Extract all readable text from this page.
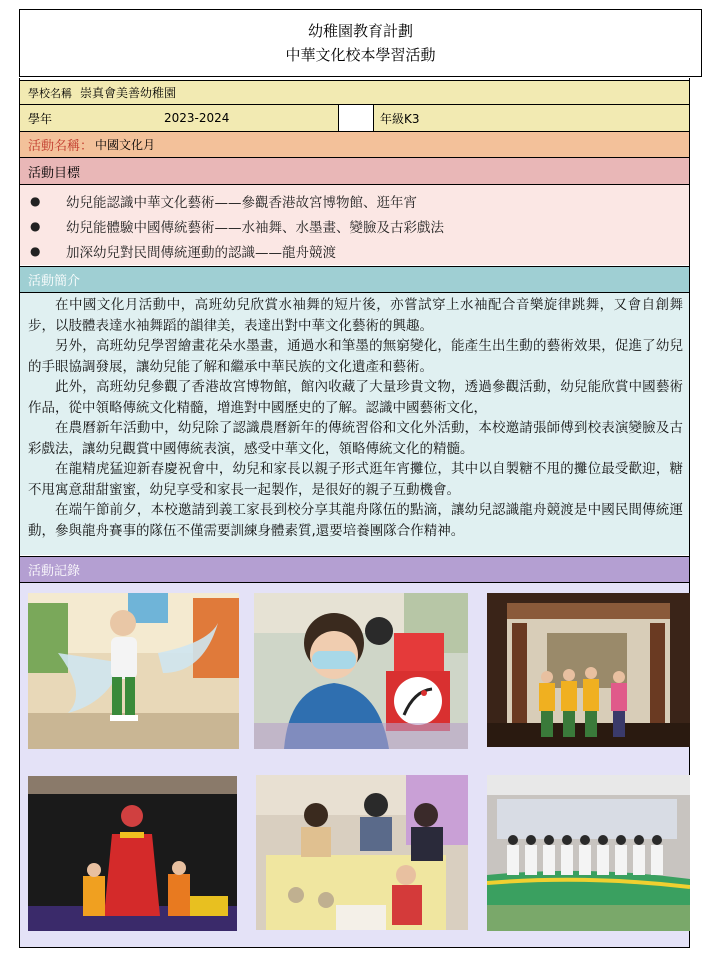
幼稚園教育計劃
中華文化校本學習活動
學校名稱 崇真會美善幼稚園
學年	2023-2024	年級K3
活動名稱： 中國文化月
活動目標
●	幼兒能認識中華文化藝術——參觀香港故宮博物館、逛年宵
●	幼兒能體驗中國傳統藝術——水袖舞、水墨畫、變臉及古彩戲法
●	加深幼兒對民間傳統運動的認識——龍舟競渡
活動簡介

在中國文化月活動中，高班幼兒欣賞水袖舞的短片後，亦嘗試穿上水袖配合音樂旋律跳舞，又會自創舞步，以肢體表達水袖舞蹈的韻律美，表達出對中華文化藝術的興趣。

另外，高班幼兒學習繪畫花朵水墨畫，通過水和筆墨的無窮變化，能產生出生動的藝術效果，促進了幼兒的手眼協調發展，讓幼兒能了解和繼承中華民族的文化遺產和藝術。

此外，高班幼兒參觀了香港故宮博物館，館內收藏了大量珍貴文物，透過參觀活動，幼兒能欣賞中國藝術作品，從中領略傳統文化精髓，增進對中國歷史的了解。認識中國藝術文化，

在農曆新年活動中，幼兒除了認識農曆新年的傳統習俗和文化外活動，本校邀請張師傅到校表演變臉及古彩戲法，讓幼兒觀賞中國傳統表演，感受中華文化，領略傳統文化的精髓。

在龍精虎猛迎新春慶祝會中，幼兒和家長以親子形式逛年宵攤位，其中以自製糖不甩的攤位最受歡迎，糖不甩寓意甜甜蜜蜜，幼兒享受和家長一起製作，是很好的親子互動機會。

在端午節前夕，本校邀請到義工家長到校分享其龍舟隊伍的點滴，讓幼兒認識龍舟競渡是中國民間傳統運動，參與龍舟賽事的隊伍不僅需要訓練身體素質,還要培養團隊合作精神。

活動記錄
